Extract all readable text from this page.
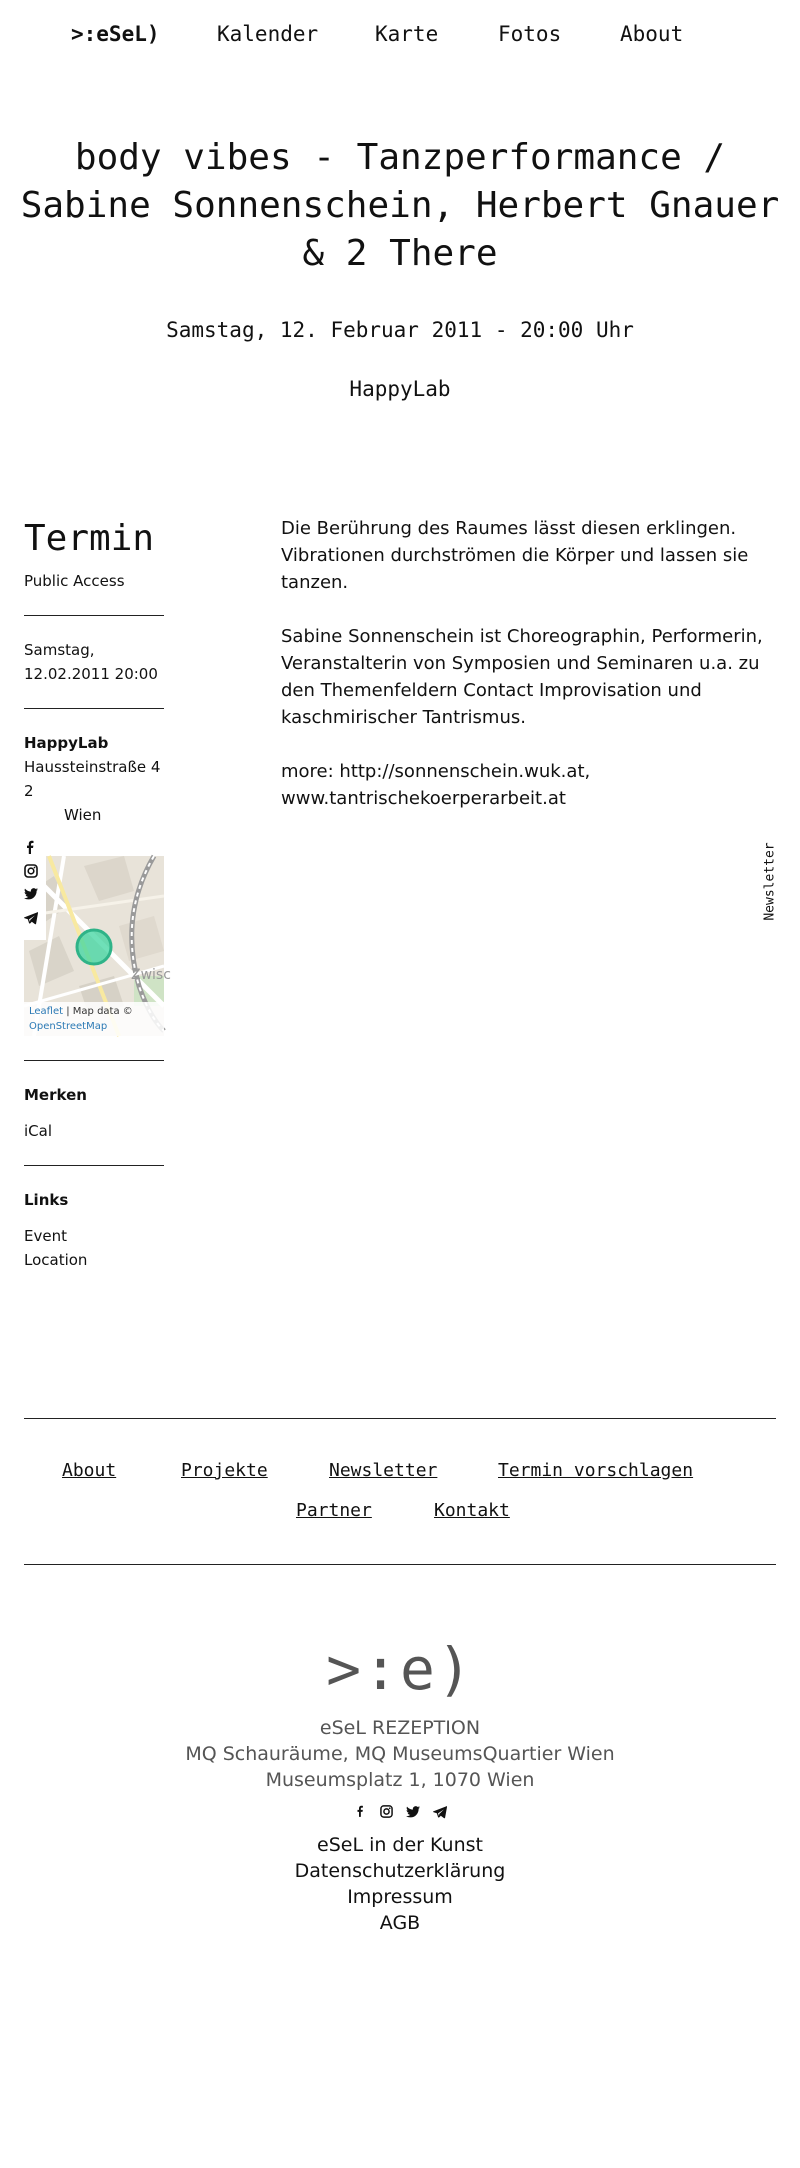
>:eSeL)	Kalender	Karte	Fotos	About
body vibes - Tanzperformance / Sabine Sonnenschein, Herbert Gnauer & 2 There
Samstag, 12. Februar 2011 - 20:00 Uhr
HappyLab
Termin
Public Access
Samstag,
12.02.2011 20:00
HappyLab
Haussteinstraße 4
2
Wien
Zwisc
Leaflet | Map data ©
OpenStreetMap
Merken
iCal
Links
Event
Location

Die Berührung des Raumes lässt diesen erklingen. Vibrationen durchströmen die Körper und lassen sie tanzen.

Sabine Sonnenschein ist Choreographin, Performerin, Veranstalterin von Symposien und Seminaren u.a. zu den Themenfeldern Contact Improvisation und kaschmirischer Tantrismus.

more: http://sonnenschein.wuk.at, www.tantrischekoerperarbeit.at

Newsletter
About	Projekte	Newsletter	Termin vorschlagen
Partner	Kontakt
>:e)
eSeL REZEPTION
MQ Schauräume, MQ MuseumsQuartier Wien
Museumsplatz 1, 1070 Wien

eSeL in der Kunst
Datenschutzerklärung
Impressum
AGB
